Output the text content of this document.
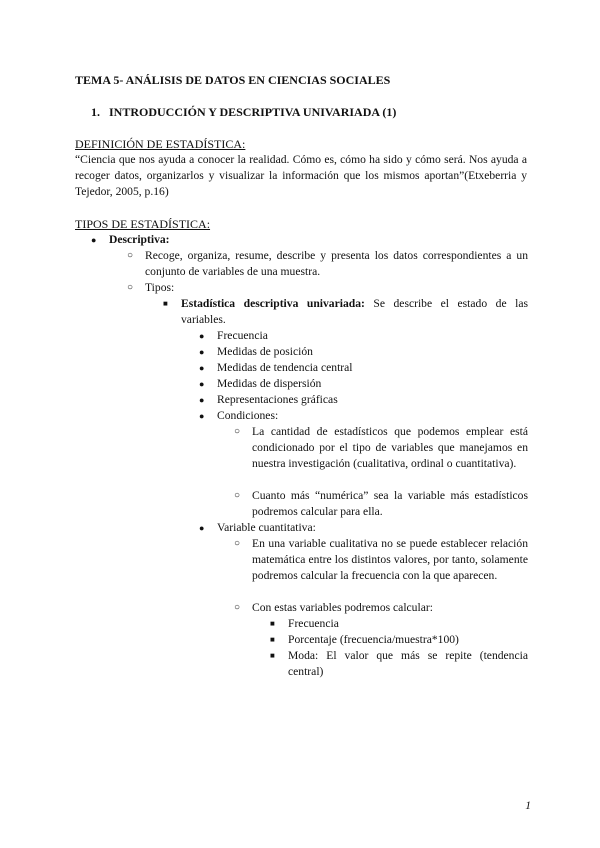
TEMA 5- ANÁLISIS DE DATOS EN CIENCIAS SOCIALES
1. INTRODUCCIÓN Y DESCRIPTIVA UNIVARIADA (1)
DEFINICIÓN DE ESTADÍSTICA:
“Ciencia que nos ayuda a conocer la realidad. Cómo es, cómo ha sido y cómo será. Nos ayuda a recoger datos, organizarlos y visualizar la información que los mismos aportan”(Etxeberria y Tejedor, 2005, p.16)
TIPOS DE ESTADÍSTICA:
●	Descriptiva:
○	Recoge, organiza, resume, describe y presenta los datos correspondientes a un conjunto de variables de una muestra.
○	Tipos:
■	Estadística descriptiva univariada: Se describe el estado de las variables.
●	Frecuencia
●	Medidas de posición
●	Medidas de tendencia central
●	Medidas de dispersión
●	Representaciones gráficas
●	Condiciones:
○	La cantidad de estadísticos que podemos emplear está condicionado por el tipo de variables que manejamos en nuestra investigación (cualitativa, ordinal o cuantitativa).
○	Cuanto más “numérica” sea la variable más estadísticos podremos calcular para ella.
●	Variable cuantitativa:
○	En una variable cualitativa no se puede establecer relación matemática entre los distintos valores, por tanto, solamente podremos calcular la frecuencia con la que aparecen.
○	Con estas variables podremos calcular:
■	Frecuencia
■	Porcentaje (frecuencia/muestra*100)
■	Moda: El valor que más se repite (tendencia central)
1
